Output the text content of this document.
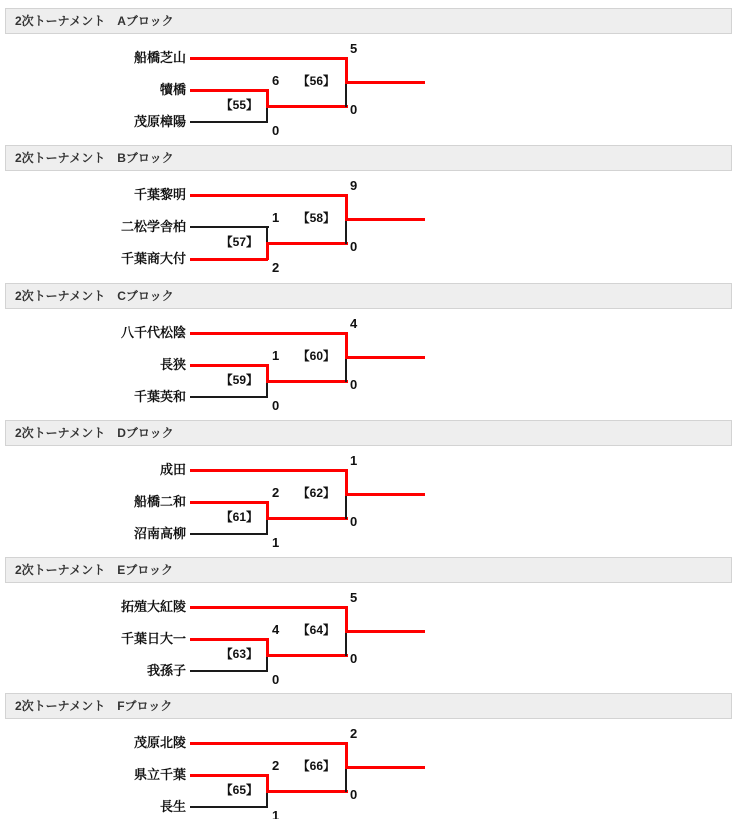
2次トーナメント　Aブロック
船橋芝山
犢橋
茂原樟陽
5
0
6
0
【55】
【56】
2次トーナメント　Bブロック
千葉黎明
二松学舎柏
千葉商大付
9
0
1
2
【57】
【58】
2次トーナメント　Cブロック
八千代松陰
長狭
千葉英和
4
0
1
0
【59】
【60】
2次トーナメント　Dブロック
成田
船橋二和
沼南高柳
1
0
2
1
【61】
【62】
2次トーナメント　Eブロック
拓殖大紅陵
千葉日大一
我孫子
5
0
4
0
【63】
【64】
2次トーナメント　Fブロック
茂原北陵
県立千葉
長生
2
0
2
1
【65】
【66】
